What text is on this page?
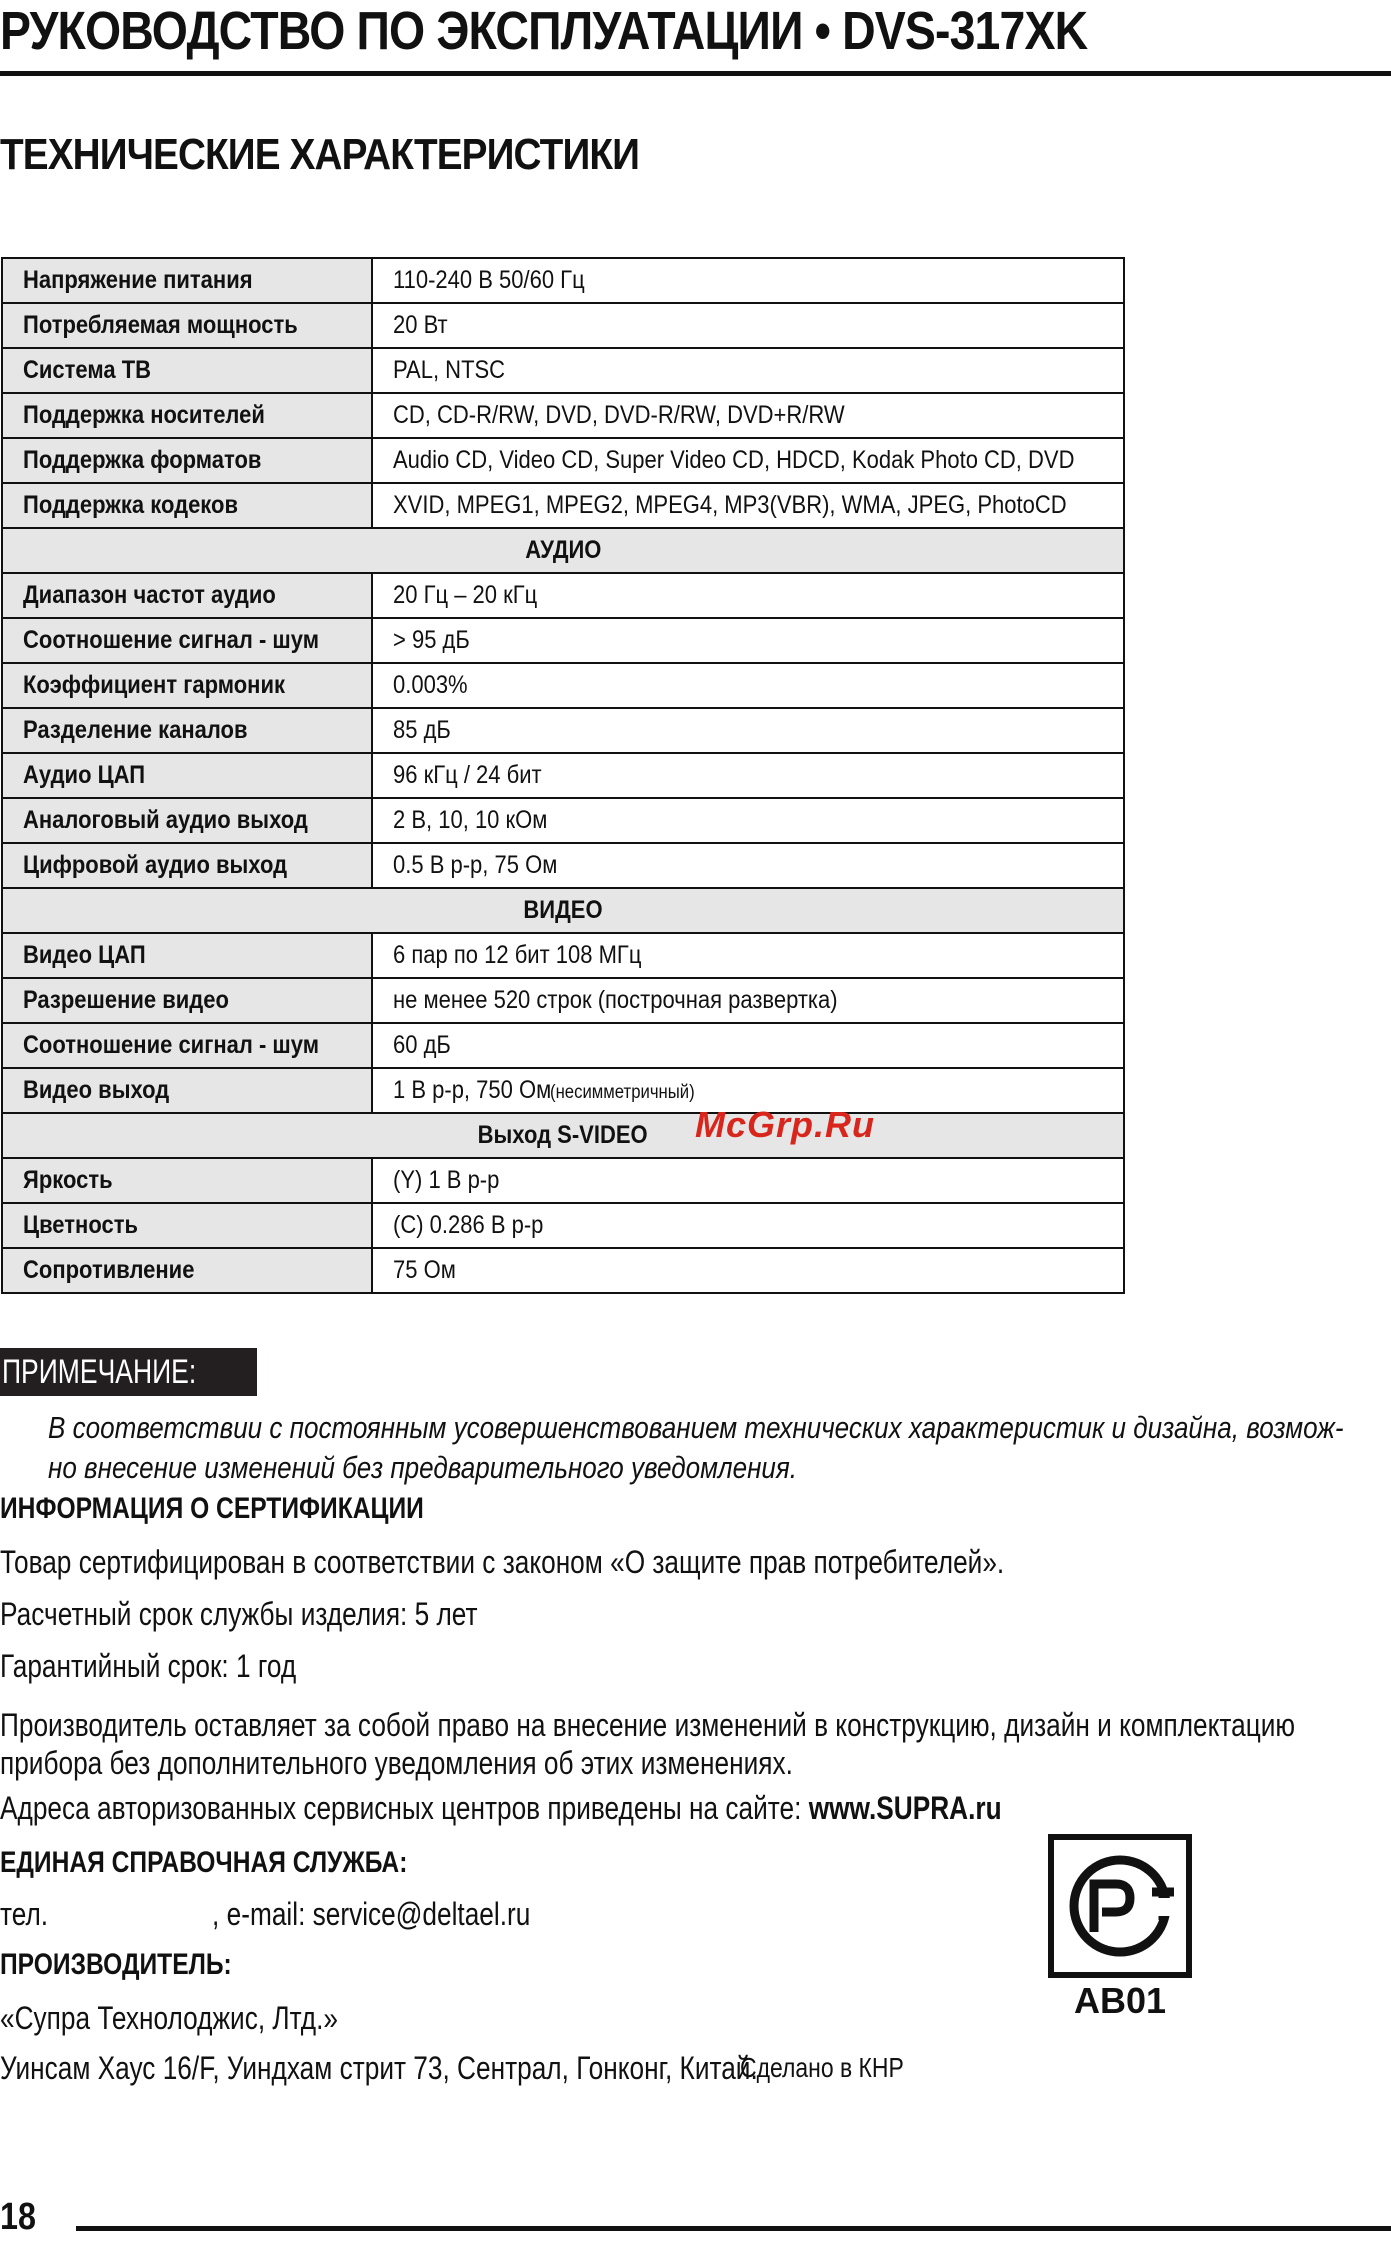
РУКОВОДСТВО ПО ЭКСПЛУАТАЦИИ • DVS-317XK
ТЕХНИЧЕСКИЕ ХАРАКТЕРИСТИКИ
Напряжение питания	110-240 В 50/60 Гц
Потребляемая мощность	20 Вт
Система ТВ	PAL, NTSC
Поддержка носителей	CD, CD-R/RW, DVD, DVD-R/RW, DVD+R/RW
Поддержка форматов	Audio CD, Video CD, Super Video CD, HDCD, Kodak Photo CD, DVD
Поддержка кодеков	XVID, MPEG1, MPEG2, MPEG4, MP3(VBR), WMA, JPEG, PhotoCD
АУДИО	
Диапазон частот аудио	20 Гц – 20 кГц
Соотношение сигнал - шум	> 95 дБ
Коэффициент гармоник	0.003%
Разделение каналов	85 дБ
Аудио ЦАП	96 кГц / 24 бит
Аналоговый аудио выход	2 В, 10, 10 кОм
Цифровой аудио выход	0.5 В р-р, 75 Ом
ВИДЕО	
Видео ЦАП	6 пар по 12 бит 108 МГц
Разрешение видео	не менее 520 строк (построчная развертка)
Соотношение сигнал - шум	60 дБ
Видео выход	1 В р-р, 750 Ом (несимметричный)
Выход S-VIDEO	
Яркость	(Y) 1 В р-р
Цветность	(C) 0.286 В р-р
Сопротивление	75 Ом
McGrp.Ru
ПРИМЕЧАНИЕ:
В соответствии с постоянным усовершенствованием технических характеристик и дизайна, возмож-но внесение изменений без предварительного уведомления.
ИНФОРМАЦИЯ О СЕРТИФИКАЦИИ
Товар сертифицирован в соответствии с законом «О защите прав потребителей».
Расчетный срок службы изделия: 5 лет
Гарантийный срок: 1 год
Производитель оставляет за собой право на внесение изменений в конструкцию, дизайн и комплектацию прибора без дополнительного уведомления об этих изменениях.
Адреса авторизованных сервисных центров приведены на сайте: www.SUPRA.ru
ЕДИНАЯ СПРАВОЧНАЯ СЛУЖБА:
тел.	, e-mail: service@deltael.ru
ПРОИЗВОДИТЕЛЬ:
«Супра Технолоджис, Лтд.»
Уинсам Хаус 16/F, Уиндхам стрит 73, Сентрал, Гонконг, Китай.
Сделано в КНР
АВ01
18
